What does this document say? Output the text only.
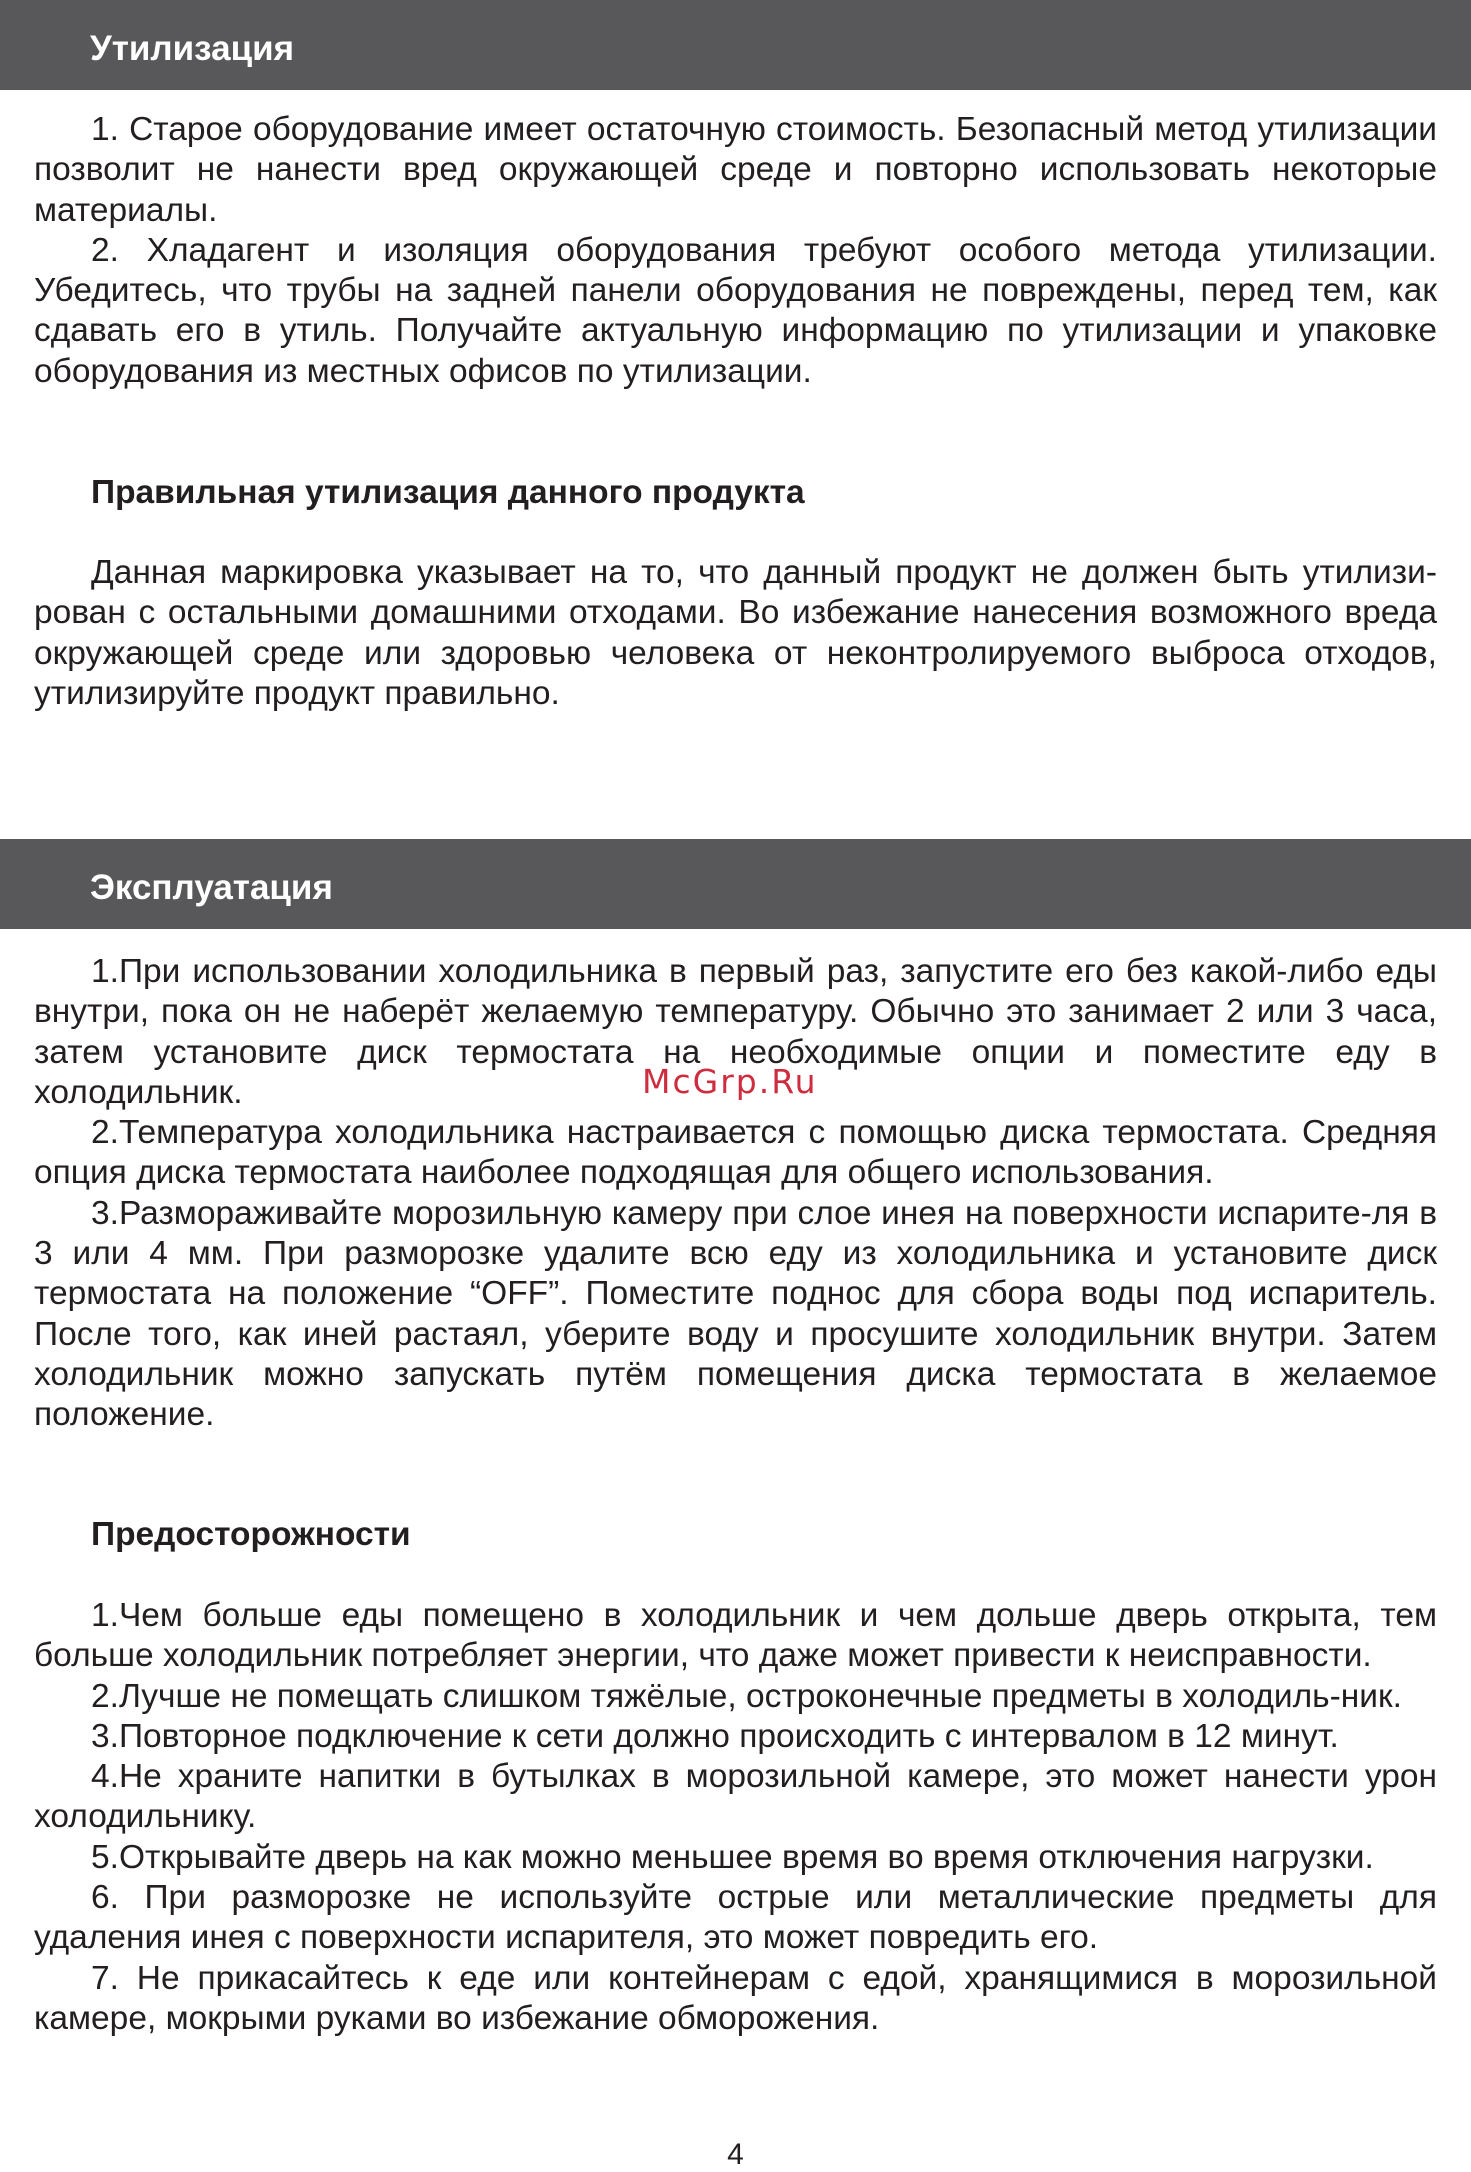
Утилизация

1. Старое оборудование имеет остаточную стоимость. Безопасный метод утилизации позволит не нанести вред окружающей среде и повторно использовать некоторые материалы.

2. Хладагент и изоляция оборудования требуют особого метода утилизации. Убедитесь, что трубы на задней панели оборудования не повреждены, перед тем, как сдавать его в утиль. Получайте актуальную информацию по утилизации и упаковке оборудования из местных офисов по утилизации.

Правильная утилизация данного продукта

Данная маркировка указывает на то, что данный продукт не должен быть утилизи-рован с остальными домашними отходами. Во избежание нанесения возможного вреда окружающей среде или здоровью человека от неконтролируемого выброса отходов, утилизируйте продукт правильно.

Эксплуатация

1.При использовании холодильника в первый раз, запустите его без какой-либо еды внутри, пока он не наберёт желаемую температуру. Обычно это занимает 2 или 3 часа, затем установите диск термостата на необходимые опции и поместите еду в холодильник.

2.Температура холодильника настраивается с помощью диска термостата. Средняя опция диска термостата наиболее подходящая для общего использования.

3.Размораживайте морозильную камеру при слое инея на поверхности испарите-ля в 3 или 4 мм. При разморозке удалите всю еду из холодильника и установите диск термостата на положение “OFF”. Поместите поднос для сбора воды под испаритель. После того, как иней растаял, уберите воду и просушите холодильник внутри. Затем холодильник можно запускать путём помещения диска термостата в желаемое положение.

McGrp.Ru
Предосторожности

1.Чем больше еды помещено в холодильник и чем дольше дверь открыта, тем больше холодильник потребляет энергии, что даже может привести к неисправности.

2.Лучше не помещать слишком тяжёлые, остроконечные предметы в холодиль-ник.

3.Повторное подключение к сети должно происходить с интервалом в 12 минут.

4.Не храните напитки в бутылках в морозильной камере, это может нанести урон холодильнику.

5.Открывайте дверь на как можно меньшее время во время отключения нагрузки.

6. При разморозке не используйте острые или металлические предметы для удаления инея с поверхности испарителя, это может повредить его.

7. Не прикасайтесь к еде или контейнерам с едой, хранящимися в морозильной камере, мокрыми руками во избежание обморожения.

4
